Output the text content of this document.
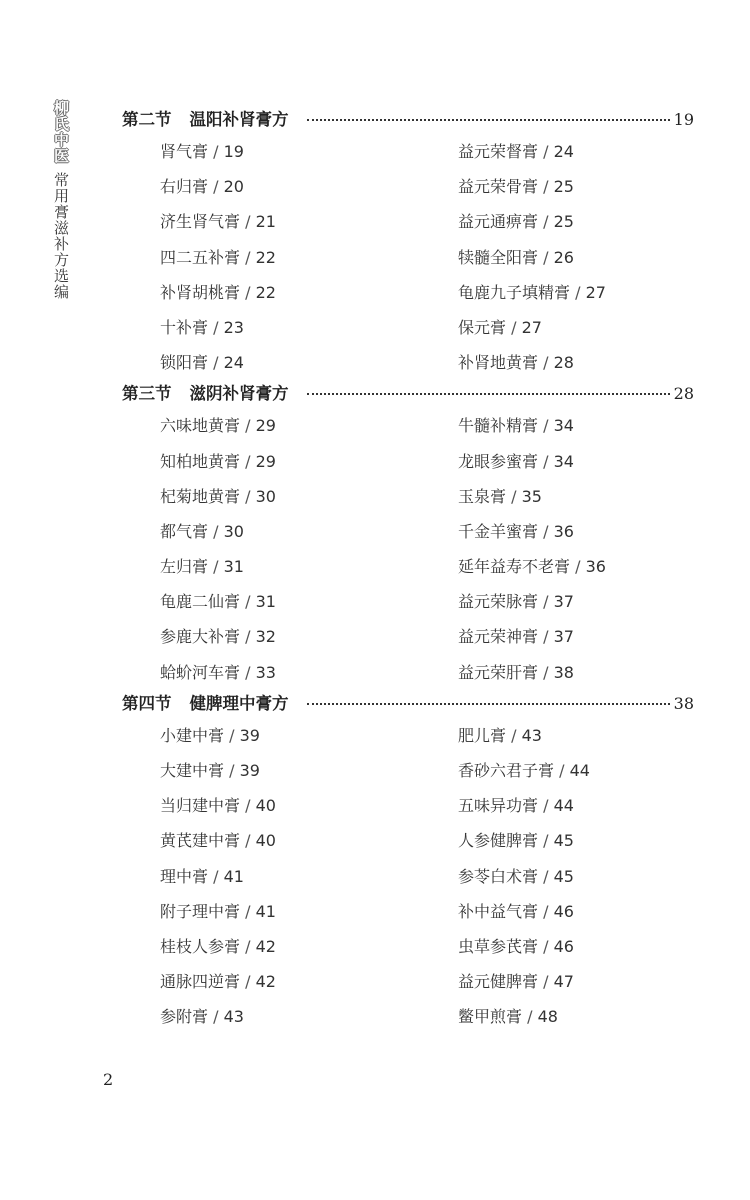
柳氏中医
常用膏滋补方选编
第二节 温阳补肾膏方	19
肾气膏 / 19	益元荣督膏 / 24
右归膏 / 20	益元荣骨膏 / 25
济生肾气膏 / 21	益元通痹膏 / 25
四二五补膏 / 22	犊髓全阳膏 / 26
补肾胡桃膏 / 22	龟鹿九子填精膏 / 27
十补膏 / 23	保元膏 / 27
锁阳膏 / 24	补肾地黄膏 / 28
第三节 滋阴补肾膏方	28
六味地黄膏 / 29	牛髓补精膏 / 34
知柏地黄膏 / 29	龙眼参蜜膏 / 34
杞菊地黄膏 / 30	玉泉膏 / 35
都气膏 / 30	千金羊蜜膏 / 36
左归膏 / 31	延年益寿不老膏 / 36
龟鹿二仙膏 / 31	益元荣脉膏 / 37
参鹿大补膏 / 32	益元荣神膏 / 37
蛤蚧河车膏 / 33	益元荣肝膏 / 38
第四节 健脾理中膏方	38
小建中膏 / 39	肥儿膏 / 43
大建中膏 / 39	香砂六君子膏 / 44
当归建中膏 / 40	五味异功膏 / 44
黄芪建中膏 / 40	人参健脾膏 / 45
理中膏 / 41	参苓白术膏 / 45
附子理中膏 / 41	补中益气膏 / 46
桂枝人参膏 / 42	虫草参芪膏 / 46
通脉四逆膏 / 42	益元健脾膏 / 47
参附膏 / 43	鳖甲煎膏 / 48
2
